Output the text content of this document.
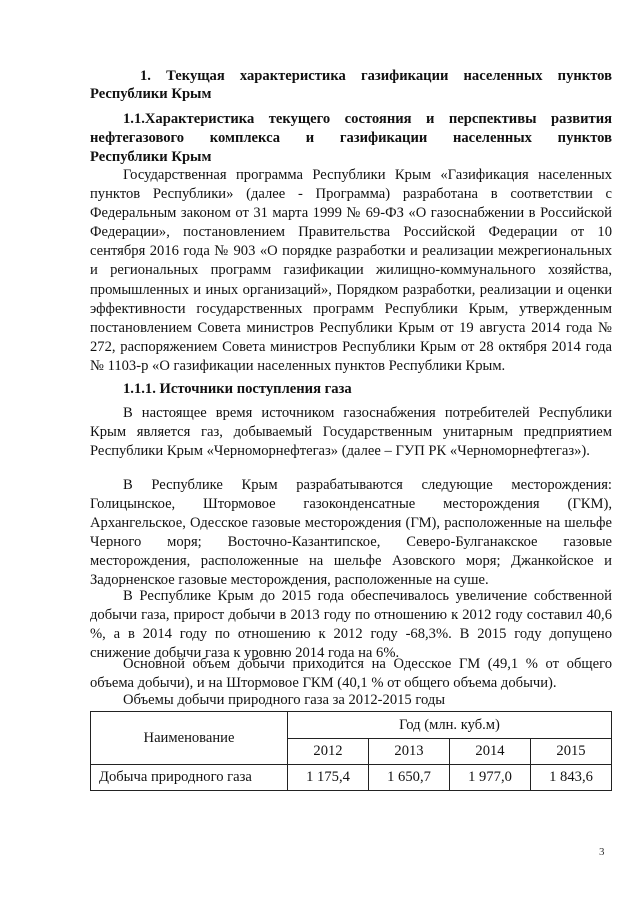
1. Текущая характеристика газификации населенных пунктов Республики Крым
1.1.Характеристика текущего состояния и перспективы развития нефтегазового комплекса и газификации населенных пунктов
Республики Крым

Государственная программа Республики Крым «Газификация населенных пунктов Республики» (далее - Программа) разработана в соответствии с Федеральным законом от 31 марта 1999 № 69-ФЗ «О газоснабжении в Российской Федерации», постановлением Правительства Российской Федерации от 10 сентября 2016 года № 903 «О порядке разработки и реализации межрегиональных и региональных программ газификации жилищно-коммунального хозяйства, промышленных и иных организаций», Порядком разработки, реализации и оценки эффективности государственных программ Республики Крым, утвержденным постановлением Совета министров Республики Крым от 19 августа 2014 года № 272, распоряжением Совета министров Республики Крым от 28 октября 2014 года № 1103-р «О газификации населенных пунктов Республики Крым.

1.1.1. Источники поступления газа

В настоящее время источником газоснабжения потребителей Республики Крым является газ, добываемый Государственным унитарным предприятием Республики Крым «Черноморнефтегаз» (далее – ГУП РК «Черноморнефтегаз»).

В Республике Крым разрабатываются следующие месторождения: Голицынское, Штормовое газоконденсатные месторождения (ГКМ), Архангельское, Одесское газовые месторождения (ГМ), расположенные на шельфе Черного моря; Восточно-Казантипское, Северо-Булганакское газовые месторождения, расположенные на шельфе Азовского моря; Джанкойское и Задорненское газовые месторождения, расположенные на суше.

В Республике Крым до 2015 года обеспечивалось увеличение собственной добычи газа, прирост добычи в 2013 году по отношению к 2012 году составил 40,6 %, а в 2014 году по отношению к 2012 году -68,3%. В 2015 году допущено снижение добычи газа к уровню 2014 года на 6%.

Основной объем добычи приходится на Одесское ГМ (49,1 % от общего объема добычи), и на Штормовое ГКМ (40,1 % от общего объема добычи).

Объемы добычи природного газа за 2012-2015 годы
Наименование	Год (млн. куб.м)			
	2012	2013	2014	2015
Добыча природного газа	1 175,4	1 650,7	1 977,0	1 843,6
3
